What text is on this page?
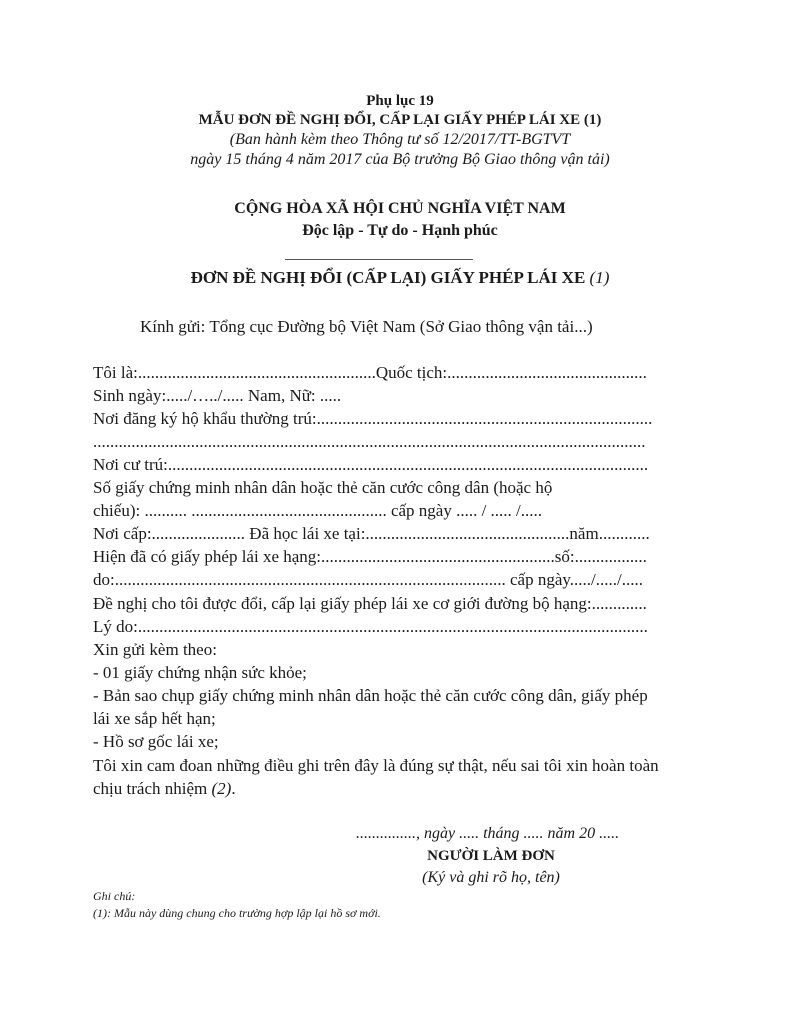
Phụ lục 19
MẪU ĐƠN ĐỀ NGHỊ ĐỔI, CẤP LẠI GIẤY PHÉP LÁI XE (1)
(Ban hành kèm theo Thông tư số 12/2017/TT-BGTVT
ngày 15 tháng 4 năm 2017 của Bộ trưởng Bộ Giao thông vận tải)
CỘNG HÒA XÃ HỘI CHỦ NGHĨA VIỆT NAM
Độc lập - Tự do - Hạnh phúc
ĐƠN ĐỀ NGHỊ ĐỔI (CẤP LẠI) GIẤY PHÉP LÁI XE (1)
Kính gửi: Tổng cục Đường bộ Việt Nam (Sở Giao thông vận tải...)
Tôi là:........................................................Quốc tịch:...............................................
Sinh ngày:...../…../..... Nam, Nữ: .....
Nơi đăng ký hộ khẩu thường trú:...............................................................................
..................................................................................................................................
Nơi cư trú:.................................................................................................................
Số giấy chứng minh nhân dân hoặc thẻ căn cước công dân (hoặc hộ
chiếu): .......... .............................................. cấp ngày ..... / ..... /.....
Nơi cấp:...................... Đã học lái xe tại:................................................năm............
Hiện đã có giấy phép lái xe hạng:.......................................................số:.................
do:............................................................................................ cấp ngày...../...../.....
Đề nghị cho tôi được đổi, cấp lại giấy phép lái xe cơ giới đường bộ hạng:.............
Lý do:........................................................................................................................
Xin gửi kèm theo:
- 01 giấy chứng nhận sức khỏe;
- Bản sao chụp giấy chứng minh nhân dân hoặc thẻ căn cước công dân, giấy phép
lái xe sắp hết hạn;
- Hồ sơ gốc lái xe;
Tôi xin cam đoan những điều ghi trên đây là đúng sự thật, nếu sai tôi xin hoàn toàn
chịu trách nhiệm (2).
..............., ngày ..... tháng ..... năm 20 .....
NGƯỜI LÀM ĐƠN
(Ký và ghi rõ họ, tên)
Ghi chú:
(1): Mẫu này dùng chung cho trường hợp lập lại hồ sơ mới.
